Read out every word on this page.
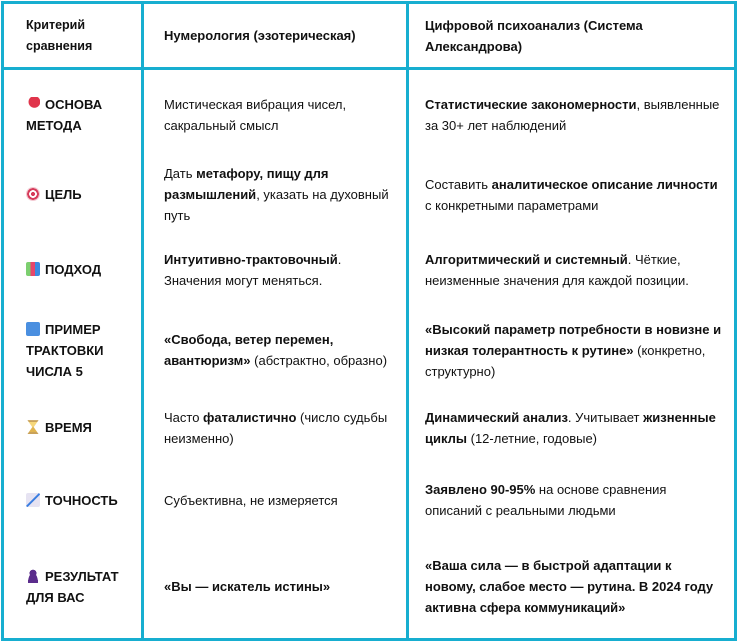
Критерий сравнения	Нумерология (эзотерическая)	Цифровой психоанализ (Система Александрова)
ОСНОВА МЕТОДА	Мистическая вибрация чисел, сакральный смысл	Статистические закономерности, выявленные за 30+ лет наблюдений
ЦЕЛЬ	Дать метафору, пищу для размышлений, указать на духовный путь	Составить аналитическое описание личности с конкретными параметрами
ПОДХОД	Интуитивно-трактовочный. Значения могут меняться.	Алгоритмический и системный. Чёткие, неизменные значения для каждой позиции.
ПРИМЕР ТРАКТОВКИ ЧИСЛА 5	«Свобода, ветер перемен, авантюризм» (абстрактно, образно)	«Высокий параметр потребности в новизне и низкая толерантность к рутине» (конкретно, структурно)
ВРЕМЯ	Часто фаталистично (число судьбы неизменно)	Динамический анализ. Учитывает жизненные циклы (12-летние, годовые)
ТОЧНОСТЬ	Субъективна, не измеряется	Заявлено 90-95% на основе сравнения описаний с реальными людьми
РЕЗУЛЬТАТ ДЛЯ ВАС	«Вы — искатель истины»	«Ваша сила — в быстрой адаптации к новому, слабое место — рутина. В 2024 году активна сфера коммуникаций»
